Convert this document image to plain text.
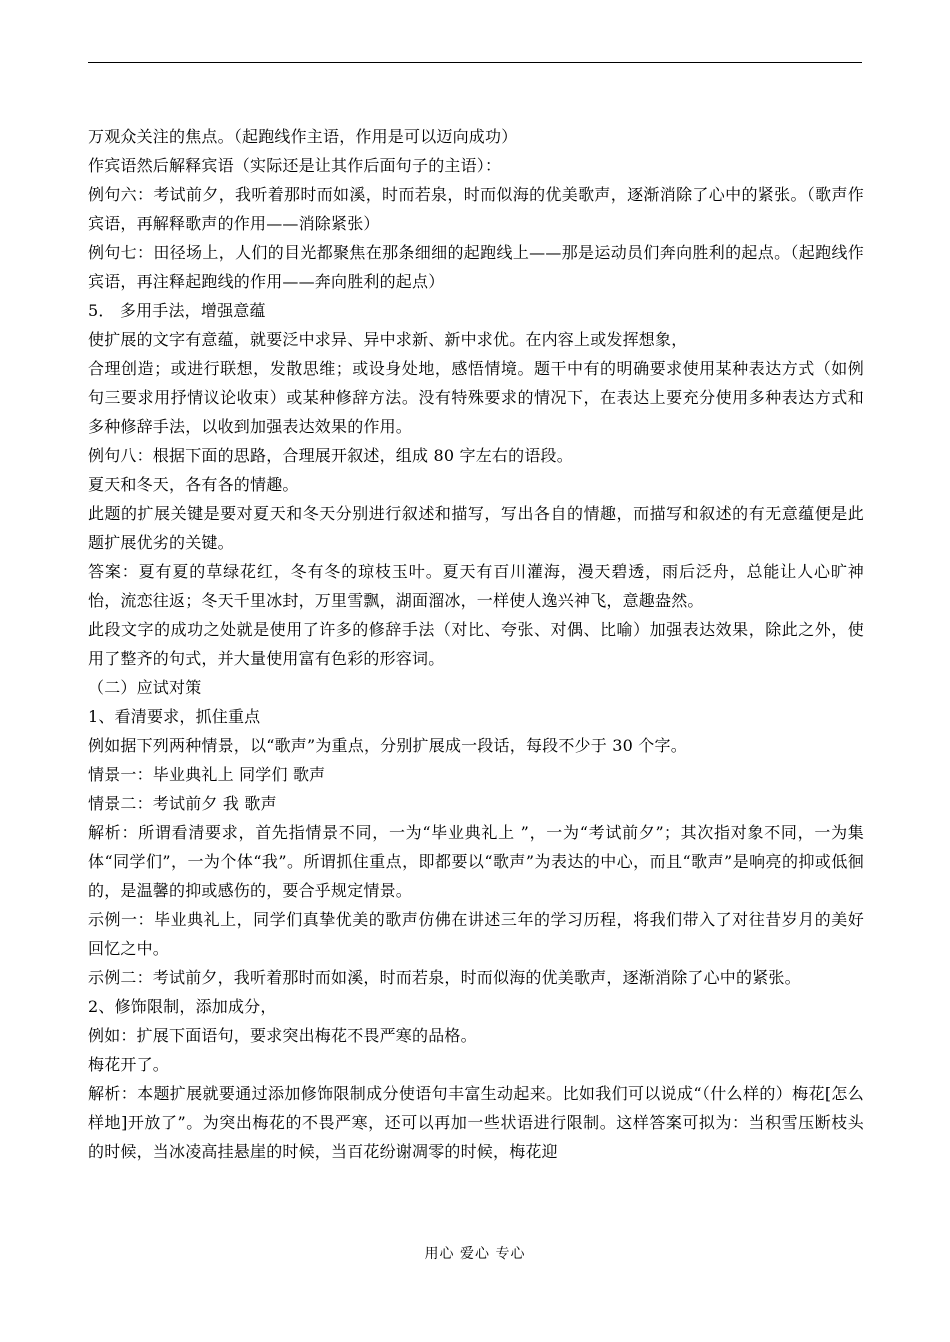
万观众关注的焦点。（起跑线作主语，作用是可以迈向成功）

作宾语然后解释宾语（实际还是让其作后面句子的主语）：

例句六：考试前夕，我听着那时而如溪，时而若泉，时而似海的优美歌声，逐渐消除了心中的紧张。（歌声作宾语，再解释歌声的作用——消除紧张）

例句七：田径场上，人们的目光都聚焦在那条细细的起跑线上——那是运动员们奔向胜利的起点。（起跑线作宾语，再注释起跑线的作用——奔向胜利的起点）

5． 多用手法，增强意蕴

使扩展的文字有意蕴，就要泛中求异、异中求新、新中求优。在内容上或发挥想象，

合理创造；或进行联想，发散思维；或设身处地，感悟情境。题干中有的明确要求使用某种表达方式（如例句三要求用抒情议论收束）或某种修辞方法。没有特殊要求的情况下，在表达上要充分使用多种表达方式和多种修辞手法，以收到加强表达效果的作用。

例句八：根据下面的思路，合理展开叙述，组成 80 字左右的语段。

夏天和冬天，各有各的情趣。

此题的扩展关键是要对夏天和冬天分别进行叙述和描写，写出各自的情趣，而描写和叙述的有无意蕴便是此题扩展优劣的关键。

答案：夏有夏的草绿花红，冬有冬的琼枝玉叶。夏天有百川灌海，漫天碧透，雨后泛舟，总能让人心旷神怡，流恋往返；冬天千里冰封，万里雪飘，湖面溜冰，一样使人逸兴神飞，意趣盎然。

此段文字的成功之处就是使用了许多的修辞手法（对比、夸张、对偶、比喻）加强表达效果，除此之外，使用了整齐的句式，并大量使用富有色彩的形容词。

（二）应试对策

1、看清要求，抓住重点

例如据下列两种情景，以“歌声”为重点，分别扩展成一段话，每段不少于 30 个字。

情景一：毕业典礼上 同学们 歌声

情景二：考试前夕 我 歌声

解析：所谓看清要求，首先指情景不同，一为“毕业典礼上 ”，一为“考试前夕”；其次指对象不同，一为集体“同学们”，一为个体“我”。所谓抓住重点，即都要以“歌声”为表达的中心，而且“歌声”是响亮的抑或低徊的，是温馨的抑或感伤的，要合乎规定情景。

示例一：毕业典礼上，同学们真挚优美的歌声仿佛在讲述三年的学习历程，将我们带入了对往昔岁月的美好回忆之中。

示例二：考试前夕，我听着那时而如溪，时而若泉，时而似海的优美歌声，逐渐消除了心中的紧张。

2、修饰限制，添加成分，

例如：扩展下面语句，要求突出梅花不畏严寒的品格。

梅花开了。

解析：本题扩展就要通过添加修饰限制成分使语句丰富生动起来。比如我们可以说成“（什么样的）梅花[怎么样地]开放了”。为突出梅花的不畏严寒，还可以再加一些状语进行限制。这样答案可拟为：当积雪压断枝头的时候，当冰凌高挂悬崖的时候，当百花纷谢凋零的时候，梅花迎

用心 爱心 专心
